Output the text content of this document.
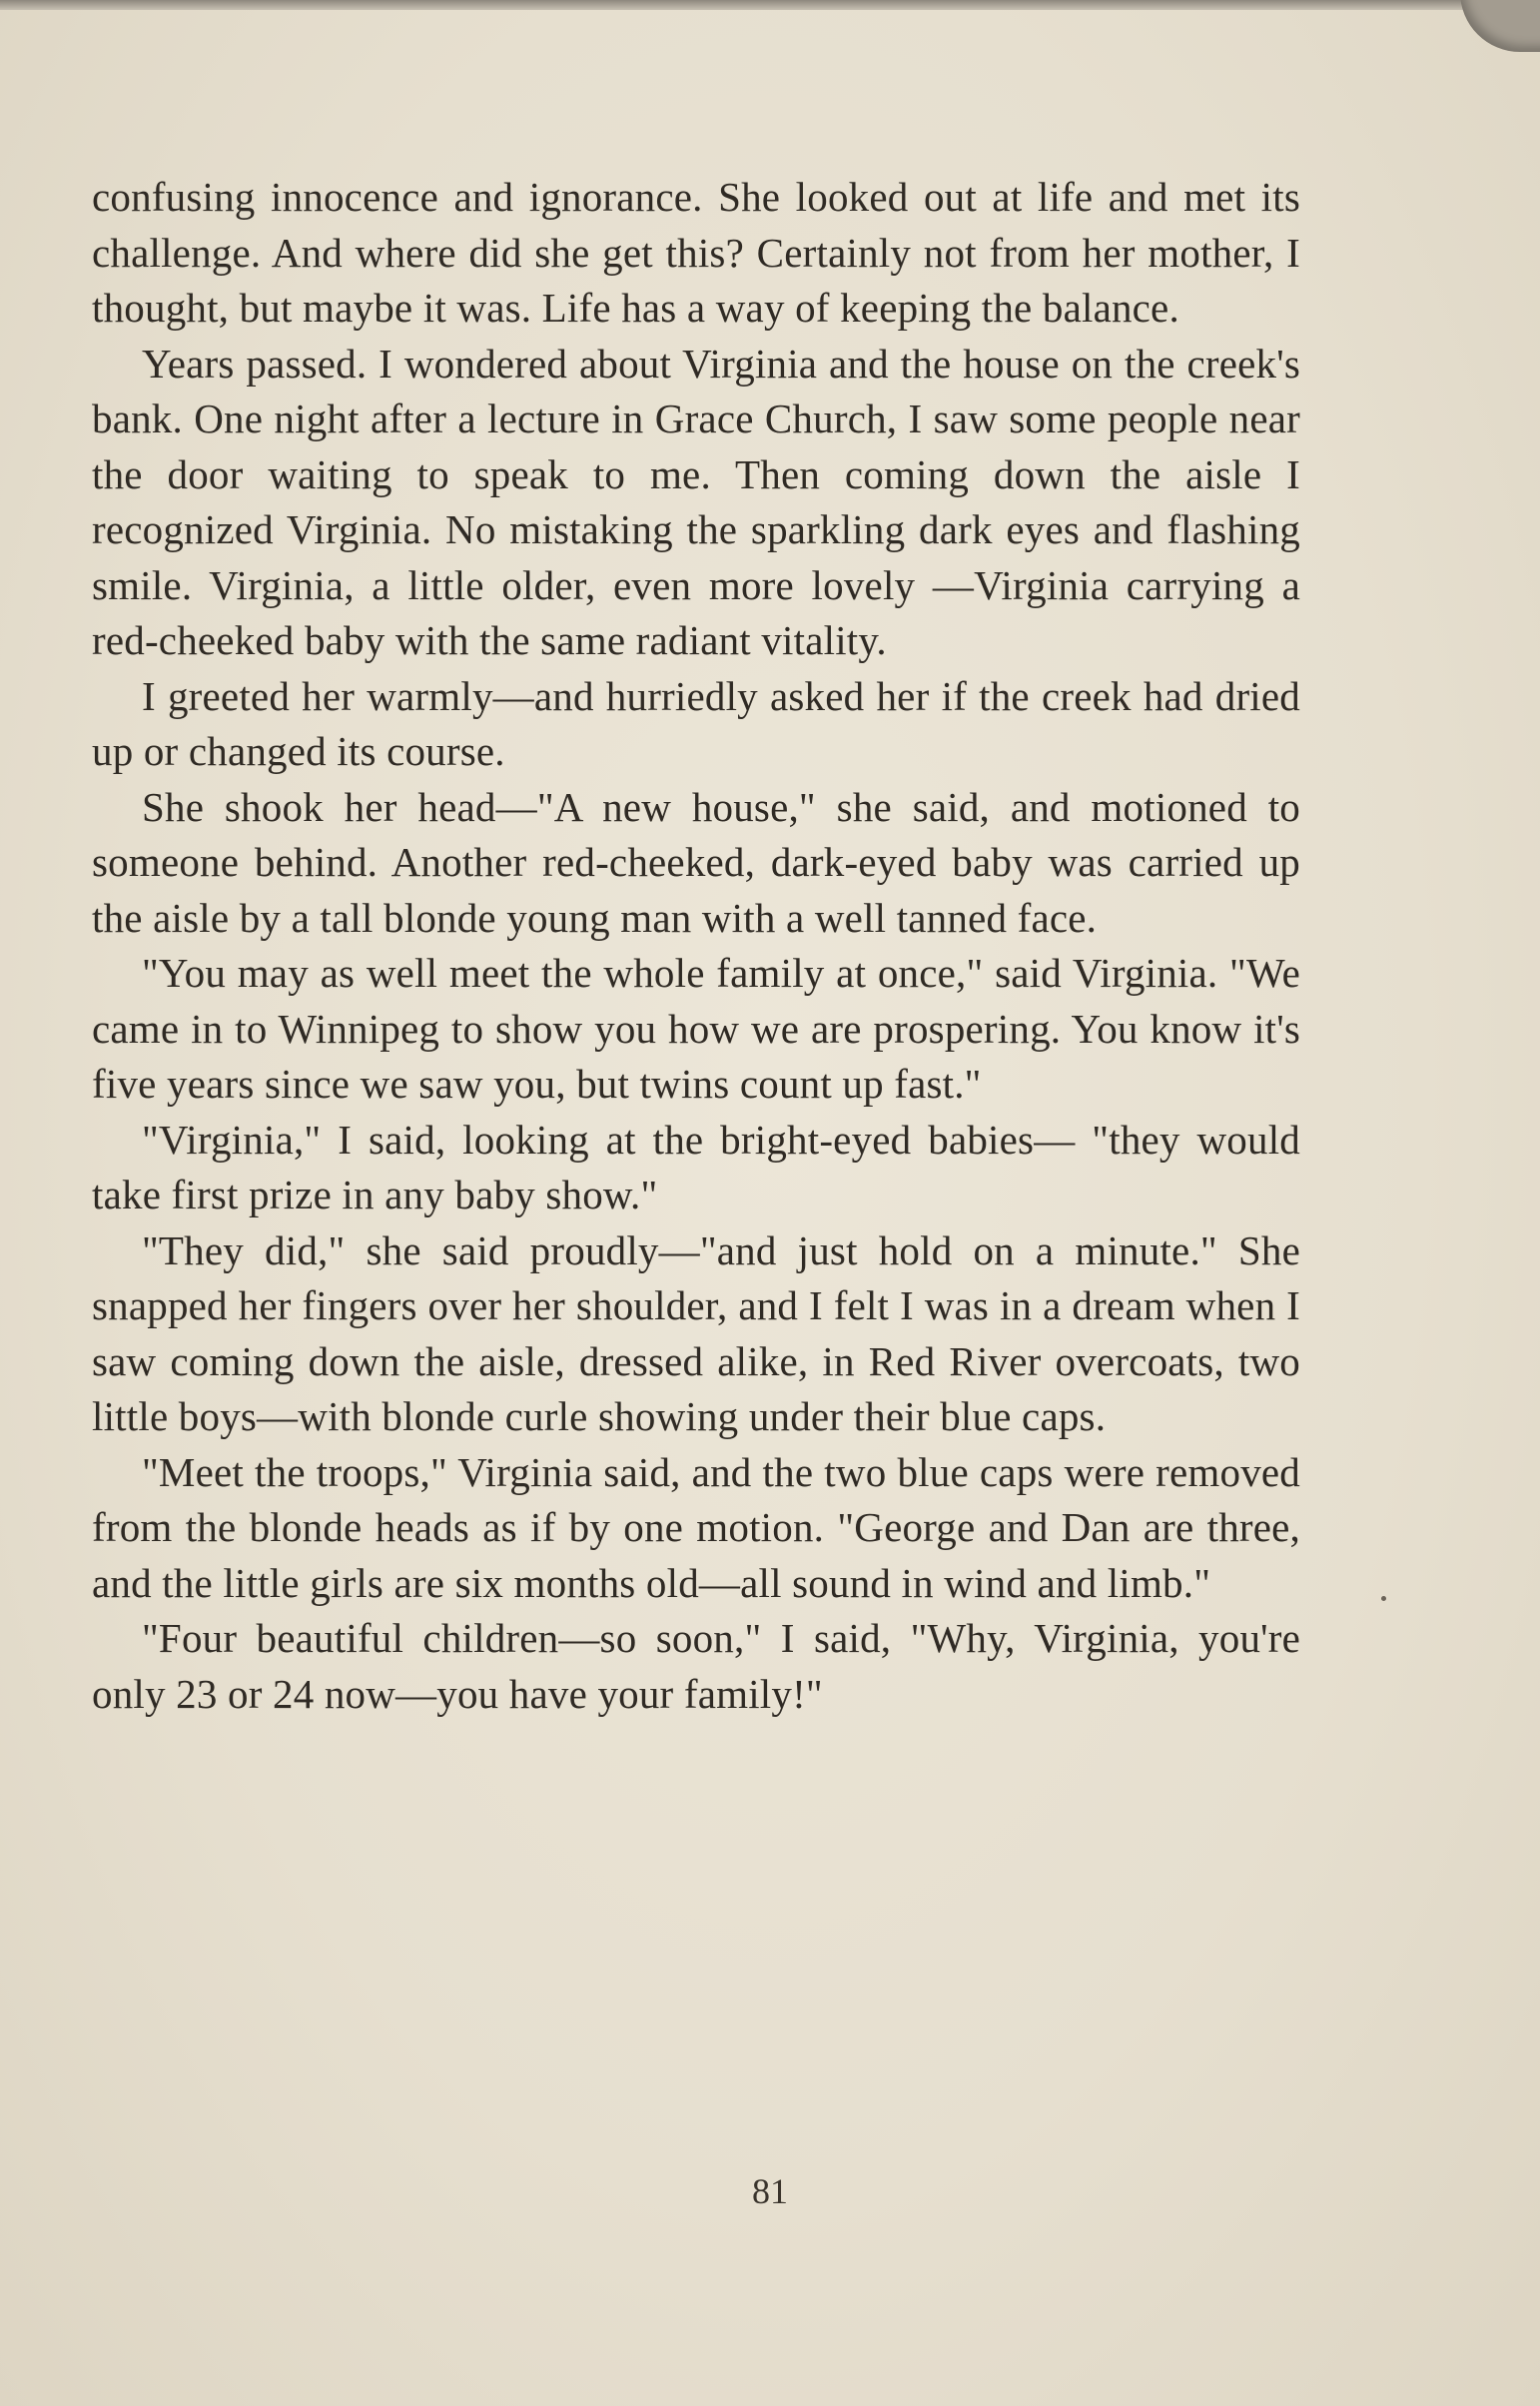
confusing innocence and ignorance. She looked out at life and met its challenge. And where did she get this? Certainly not from her mother, I thought, but maybe it was. Life has a way of keeping the balance.

Years passed. I wondered about Virginia and the house on the creek's bank. One night after a lecture in Grace Church, I saw some people near the door waiting to speak to me. Then coming down the aisle I recognized Virginia. No mistaking the sparkling dark eyes and flashing smile. Virginia, a little older, even more lovely —Virginia carrying a red-cheeked baby with the same radiant vitality.

I greeted her warmly—and hurriedly asked her if the creek had dried up or changed its course.

She shook her head—"A new house," she said, and motioned to someone behind. Another red-cheeked, dark-eyed baby was carried up the aisle by a tall blonde young man with a well tanned face.

"You may as well meet the whole family at once," said Virginia. "We came in to Winnipeg to show you how we are prospering. You know it's five years since we saw you, but twins count up fast."

"Virginia," I said, looking at the bright-eyed babies— "they would take first prize in any baby show."

"They did," she said proudly—"and just hold on a minute." She snapped her fingers over her shoulder, and I felt I was in a dream when I saw coming down the aisle, dressed alike, in Red River overcoats, two little boys—with blonde curle showing under their blue caps.

"Meet the troops," Virginia said, and the two blue caps were removed from the blonde heads as if by one motion. "George and Dan are three, and the little girls are six months old—all sound in wind and limb."

"Four beautiful children—so soon," I said, "Why, Virginia, you're only 23 or 24 now—you have your family!"

81
